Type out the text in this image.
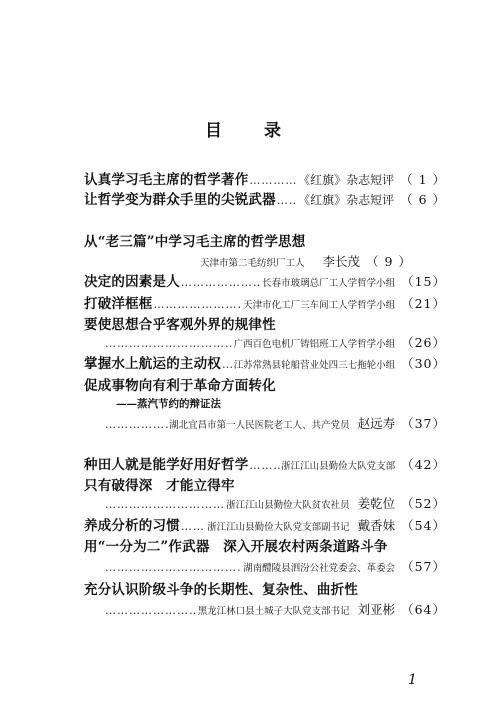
目 录
认真学习毛主席的哲学著作 ……………………………………………………………………………………………………	《红旗》杂志短评 （ 1 ）
让哲学变为群众手里的尖锐武器 …………………………………………………………………………………………………… 《红旗》杂志短评 （ 6 ）
从“老三篇”中学习毛主席的哲学思想
天津市第二毛纺织厂工人 李长茂 （ 9 ）
决定的因素是人 ……………………………………………………………………………………………………	长春市玻璃总厂工人学哲学小组 （15）
打破洋框框 ……………………………………………………………………………………………………	天津市化工厂三车间工人学哲学小组 （21）
要使思想合乎客观外界的规律性
……………………………………………………………………………………………………
广西百色电机厂铸铝班工人学哲学小组 （26）
掌握水上航运的主动权 …………………………………………………………………………………………………… 江苏常熟县轮船营业处四三七拖轮小组 （30）
促成事物向有利于革命方面转化
——蒸汽节约的辩证法
……………………………………………………………………………………………………
湖北宜昌市第一人民医院老工人、共产党员 赵远寿 （37）
种田人就是能学好用好哲学 ……………………………………………………………………………………………………	浙江江山县勤俭大队党支部 （42）
只有破得深　才能立得牢
……………………………………………………………………………………………………
浙江江山县勤俭大队贫农社员 姜乾位 （52）
养成分析的习惯 ……………………………………………………………………………………………………	浙江江山县勤俭大队党支部副书记 戴香妹 （54）
用“一分为二”作武器　深入开展农村两条道路斗争
……………………………………………………………………………………………………
湖南醴陵县泗汾公社党委会、革委会 （57）
充分认识阶级斗争的长期性、复杂性、曲折性
……………………………………………………………………………………………………
黑龙江林口县土城子大队党支部书记 刘亚彬 （64）
1
